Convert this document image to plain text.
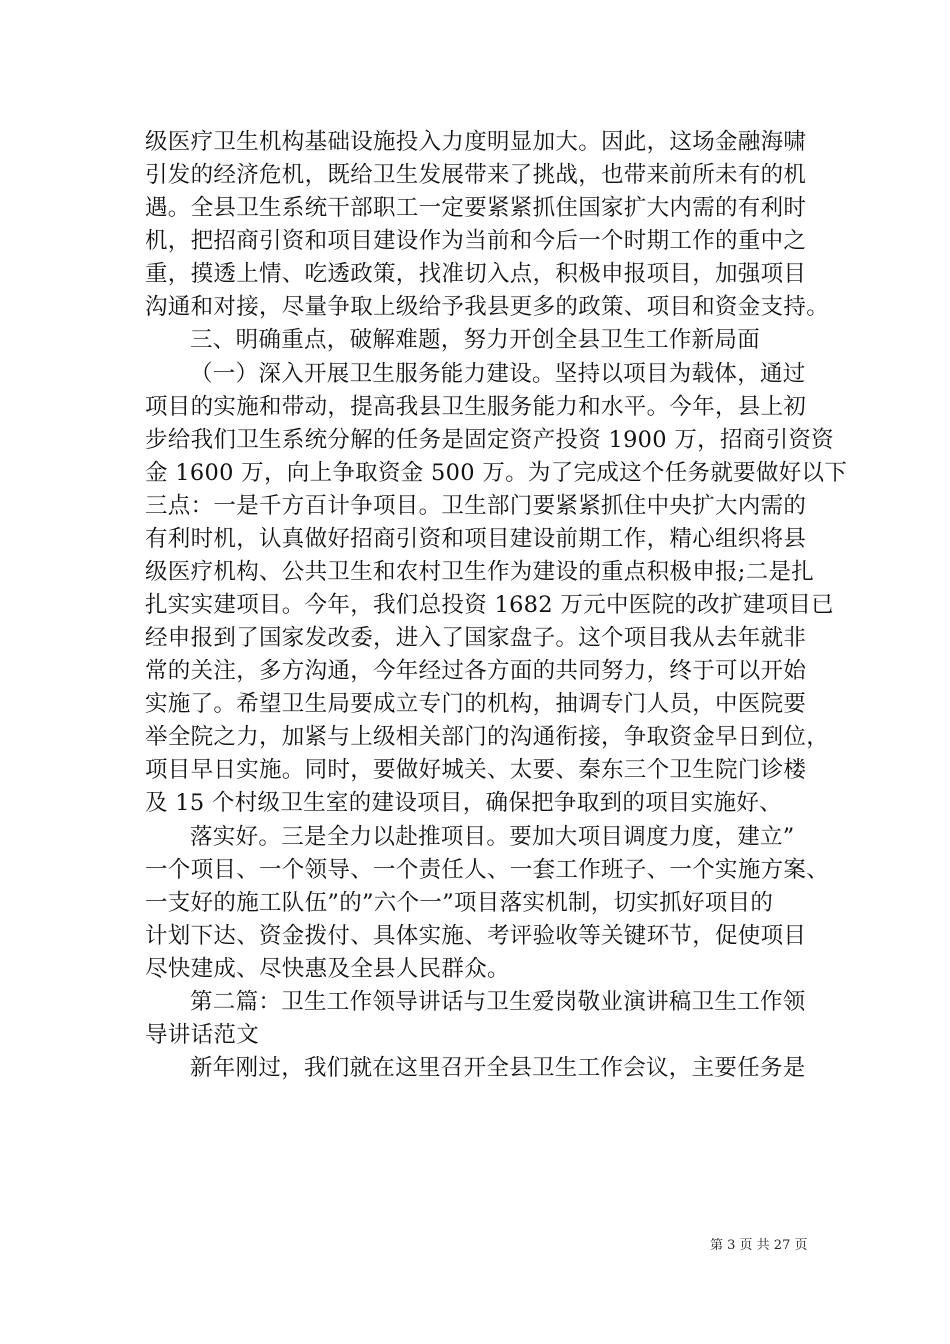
级医疗卫生机构基础设施投入力度明显加大。因此，这场金融海啸
引发的经济危机，既给卫生发展带来了挑战，也带来前所未有的机
遇。全县卫生系统干部职工一定要紧紧抓住国家扩大内需的有利时
机，把招商引资和项目建设作为当前和今后一个时期工作的重中之
重，摸透上情、吃透政策，找准切入点，积极申报项目，加强项目
沟通和对接，尽量争取上级给予我县更多的政策、项目和资金支持。
三、明确重点，破解难题，努力开创全县卫生工作新局面
（一）深入开展卫生服务能力建设。坚持以项目为载体，通过
项目的实施和带动，提高我县卫生服务能力和水平。今年，县上初
步给我们卫生系统分解的任务是固定资产投资 1900 万，招商引资资
金 1600 万，向上争取资金 500 万。为了完成这个任务就要做好以下
三点：一是千方百计争项目。卫生部门要紧紧抓住中央扩大内需的
有利时机，认真做好招商引资和项目建设前期工作，精心组织将县
级医疗机构、公共卫生和农村卫生作为建设的重点积极申报;二是扎
扎实实建项目。今年，我们总投资 1682 万元中医院的改扩建项目已
经申报到了国家发改委，进入了国家盘子。这个项目我从去年就非
常的关注，多方沟通，今年经过各方面的共同努力，终于可以开始
实施了。希望卫生局要成立专门的机构，抽调专门人员，中医院要
举全院之力，加紧与上级相关部门的沟通衔接，争取资金早日到位，
项目早日实施。同时，要做好城关、太要、秦东三个卫生院门诊楼
及 15 个村级卫生室的建设项目，确保把争取到的项目实施好、
落实好。三是全力以赴推项目。要加大项目调度力度，建立”
一个项目、一个领导、一个责任人、一套工作班子、一个实施方案、
一支好的施工队伍”的”六个一”项目落实机制，切实抓好项目的
计划下达、资金拨付、具体实施、考评验收等关键环节，促使项目
尽快建成、尽快惠及全县人民群众。
第二篇：卫生工作领导讲话与卫生爱岗敬业演讲稿卫生工作领
导讲话范文
新年刚过，我们就在这里召开全县卫生工作会议，主要任务是
第 3 页 共 27 页
